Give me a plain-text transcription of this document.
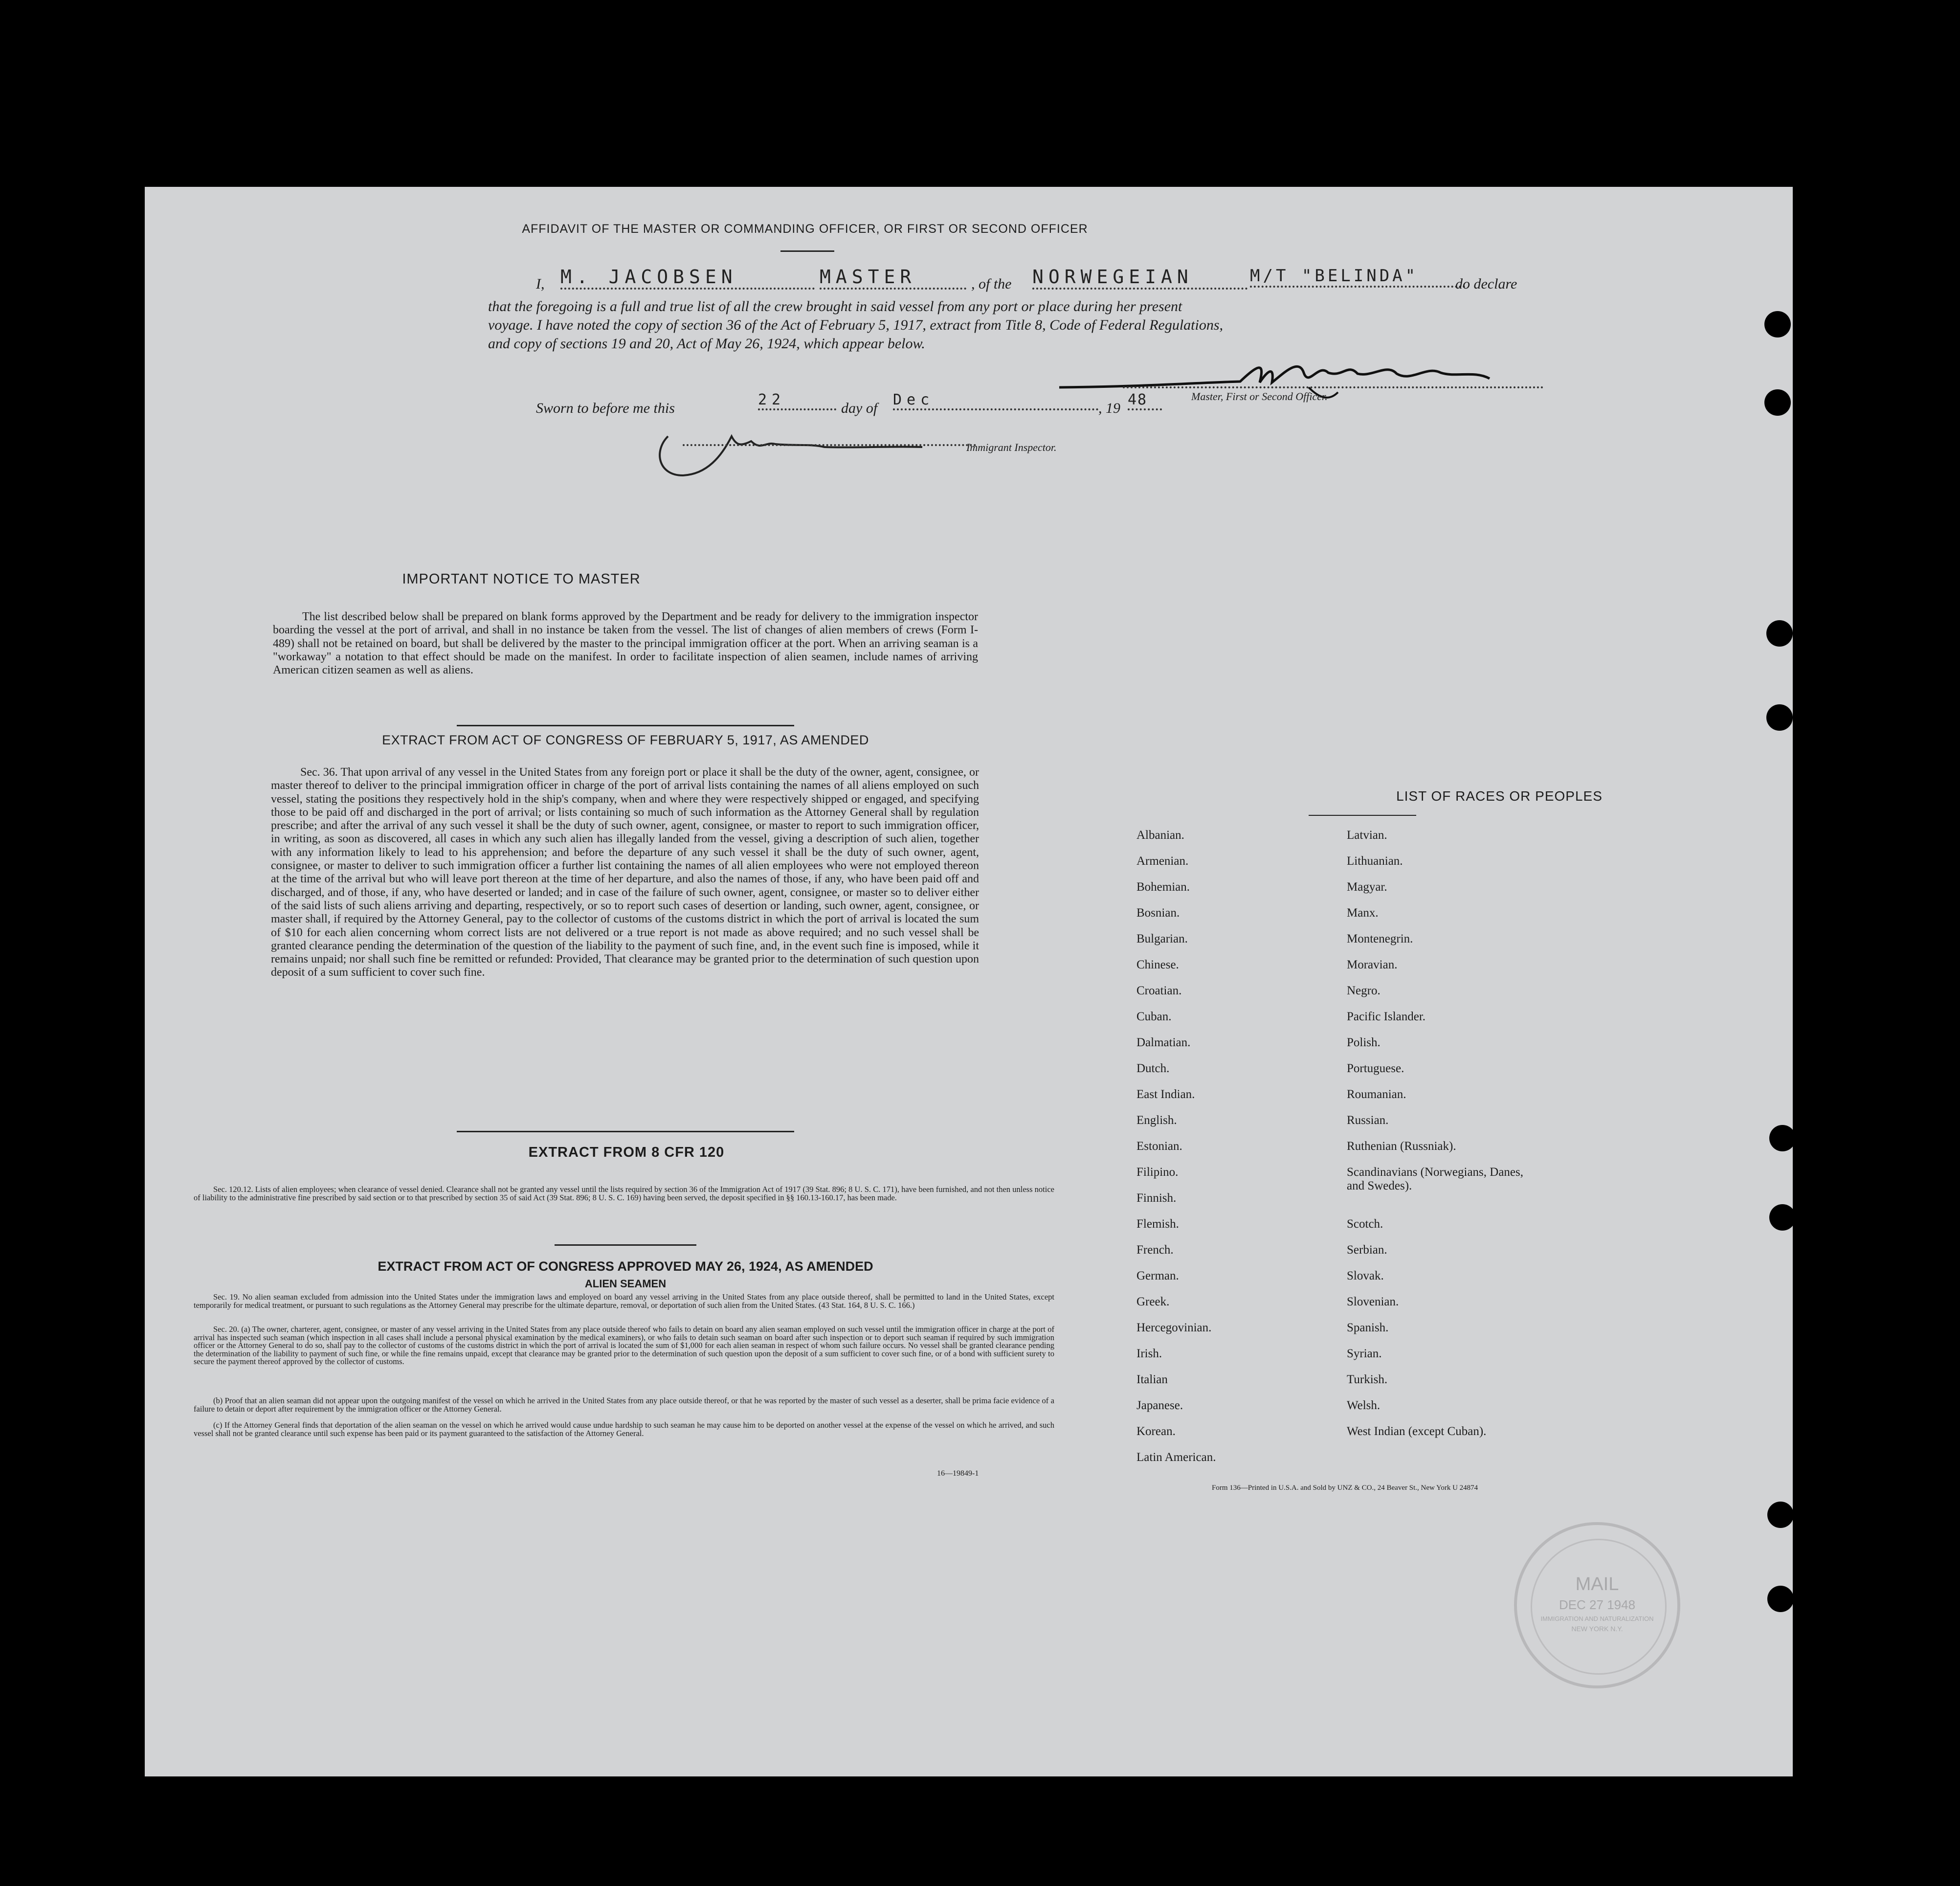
AFFIDAVIT OF THE MASTER OR COMMANDING OFFICER, OR FIRST OR SECOND OFFICER
I, M. JACOBSEN	MASTER	, of the NORWEGEIAN	M/T "BELINDA"	do declare
that the foregoing is a full and true list of all the crew brought in said vessel from any port or place during her present
voyage. I have noted the copy of section 36 of the Act of February 5, 1917, extract from Title 8, Code of Federal Regulations,
and copy of sections 19 and 20, Act of May 26, 1924, which appear below.
Master, First or Second Officer.
Sworn to before me this	22	day of Dec	, 19 48
Immigrant Inspector.
IMPORTANT NOTICE TO MASTER
The list described below shall be prepared on blank forms approved by the Department and be ready for delivery to the immigration inspector boarding the vessel at the port of arrival, and shall in no instance be taken from the vessel. The list of changes of alien members of crews (Form I-489) shall not be retained on board, but shall be delivered by the master to the principal immigration officer at the port. When an arriving seaman is a "workaway" a notation to that effect should be made on the manifest. In order to facilitate inspection of alien seamen, include names of arriving American citizen seamen as well as aliens.
EXTRACT FROM ACT OF CONGRESS OF FEBRUARY 5, 1917, AS AMENDED
Sec. 36. That upon arrival of any vessel in the United States from any foreign port or place it shall be the duty of the owner, agent, consignee, or master thereof to deliver to the principal immigration officer in charge of the port of arrival lists containing the names of all aliens employed on such vessel, stating the positions they respectively hold in the ship's company, when and where they were respectively shipped or engaged, and specifying those to be paid off and discharged in the port of arrival; or lists containing so much of such information as the Attorney General shall by regulation prescribe; and after the arrival of any such vessel it shall be the duty of such owner, agent, consignee, or master to report to such immigration officer, in writing, as soon as discovered, all cases in which any such alien has illegally landed from the vessel, giving a description of such alien, together with any information likely to lead to his apprehension; and before the departure of any such vessel it shall be the duty of such owner, agent, consignee, or master to deliver to such immigration officer a further list containing the names of all alien employees who were not employed thereon at the time of the arrival but who will leave port thereon at the time of her departure, and also the names of those, if any, who have been paid off and discharged, and of those, if any, who have deserted or landed; and in case of the failure of such owner, agent, consignee, or master so to deliver either of the said lists of such aliens arriving and departing, respectively, or so to report such cases of desertion or landing, such owner, agent, consignee, or master shall, if required by the Attorney General, pay to the collector of customs of the customs district in which the port of arrival is located the sum of $10 for each alien concerning whom correct lists are not delivered or a true report is not made as above required; and no such vessel shall be granted clearance pending the determination of the question of the liability to the payment of such fine, and, in the event such fine is imposed, while it remains unpaid; nor shall such fine be remitted or refunded: Provided, That clearance may be granted prior to the determination of such question upon deposit of a sum sufficient to cover such fine.
EXTRACT FROM 8 CFR 120
Sec. 120.12. Lists of alien employees; when clearance of vessel denied. Clearance shall not be granted any vessel until the lists required by section 36 of the Immigration Act of 1917 (39 Stat. 896; 8 U. S. C. 171), have been furnished, and not then unless notice of liability to the administrative fine prescribed by said section or to that prescribed by section 35 of said Act (39 Stat. 896; 8 U. S. C. 169) having been served, the deposit specified in §§ 160.13-160.17, has been made.
EXTRACT FROM ACT OF CONGRESS APPROVED MAY 26, 1924, AS AMENDED
ALIEN SEAMEN
Sec. 19. No alien seaman excluded from admission into the United States under the immigration laws and employed on board any vessel arriving in the United States from any place outside thereof, shall be permitted to land in the United States, except temporarily for medical treatment, or pursuant to such regulations as the Attorney General may prescribe for the ultimate departure, removal, or deportation of such alien from the United States. (43 Stat. 164, 8 U. S. C. 166.)
Sec. 20. (a) The owner, charterer, agent, consignee, or master of any vessel arriving in the United States from any place outside thereof who fails to detain on board any alien seaman employed on such vessel until the immigration officer in charge at the port of arrival has inspected such seaman (which inspection in all cases shall include a personal physical examination by the medical examiners), or who fails to detain such seaman on board after such inspection or to deport such seaman if required by such immigration officer or the Attorney General to do so, shall pay to the collector of customs of the customs district in which the port of arrival is located the sum of $1,000 for each alien seaman in respect of whom such failure occurs. No vessel shall be granted clearance pending the determination of the liability to payment of such fine, or while the fine remains unpaid, except that clearance may be granted prior to the determination of such question upon the deposit of a sum sufficient to cover such fine, or of a bond with sufficient surety to secure the payment thereof approved by the collector of customs.
(b) Proof that an alien seaman did not appear upon the outgoing manifest of the vessel on which he arrived in the United States from any place outside thereof, or that he was reported by the master of such vessel as a deserter, shall be prima facie evidence of a failure to detain or deport after requirement by the immigration officer or the Attorney General.
(c) If the Attorney General finds that deportation of the alien seaman on the vessel on which he arrived would cause undue hardship to such seaman he may cause him to be deported on another vessel at the expense of the vessel on which he arrived, and such vessel shall not be granted clearance until such expense has been paid or its payment guaranteed to the satisfaction of the Attorney General.
16—19849-1
LIST OF RACES OR PEOPLES
Albanian.
Armenian.
Bohemian.
Bosnian.
Bulgarian.
Chinese.
Croatian.
Cuban.
Dalmatian.
Dutch.
East Indian.
English.
Estonian.
Filipino.
Finnish.
Flemish.
French.
German.
Greek.
Hercegovinian.
Irish.
Italian
Japanese.
Korean.
Latin American.
Latvian.
Lithuanian.
Magyar.
Manx.
Montenegrin.
Moravian.
Negro.
Pacific Islander.
Polish.
Portuguese.
Roumanian.
Russian.
Ruthenian (Russniak).
Scandinavians (Norwegians, Danes, and Swedes).
Scotch.
Serbian.
Slovak.
Slovenian.
Spanish.
Syrian.
Turkish.
Welsh.
West Indian (except Cuban).
Form 136—Printed in U.S.A. and Sold by UNZ & CO., 24 Beaver St., New York U 24874
MAIL
DEC 27 1948
IMMIGRATION AND NATURALIZATION
NEW YORK N.Y.
